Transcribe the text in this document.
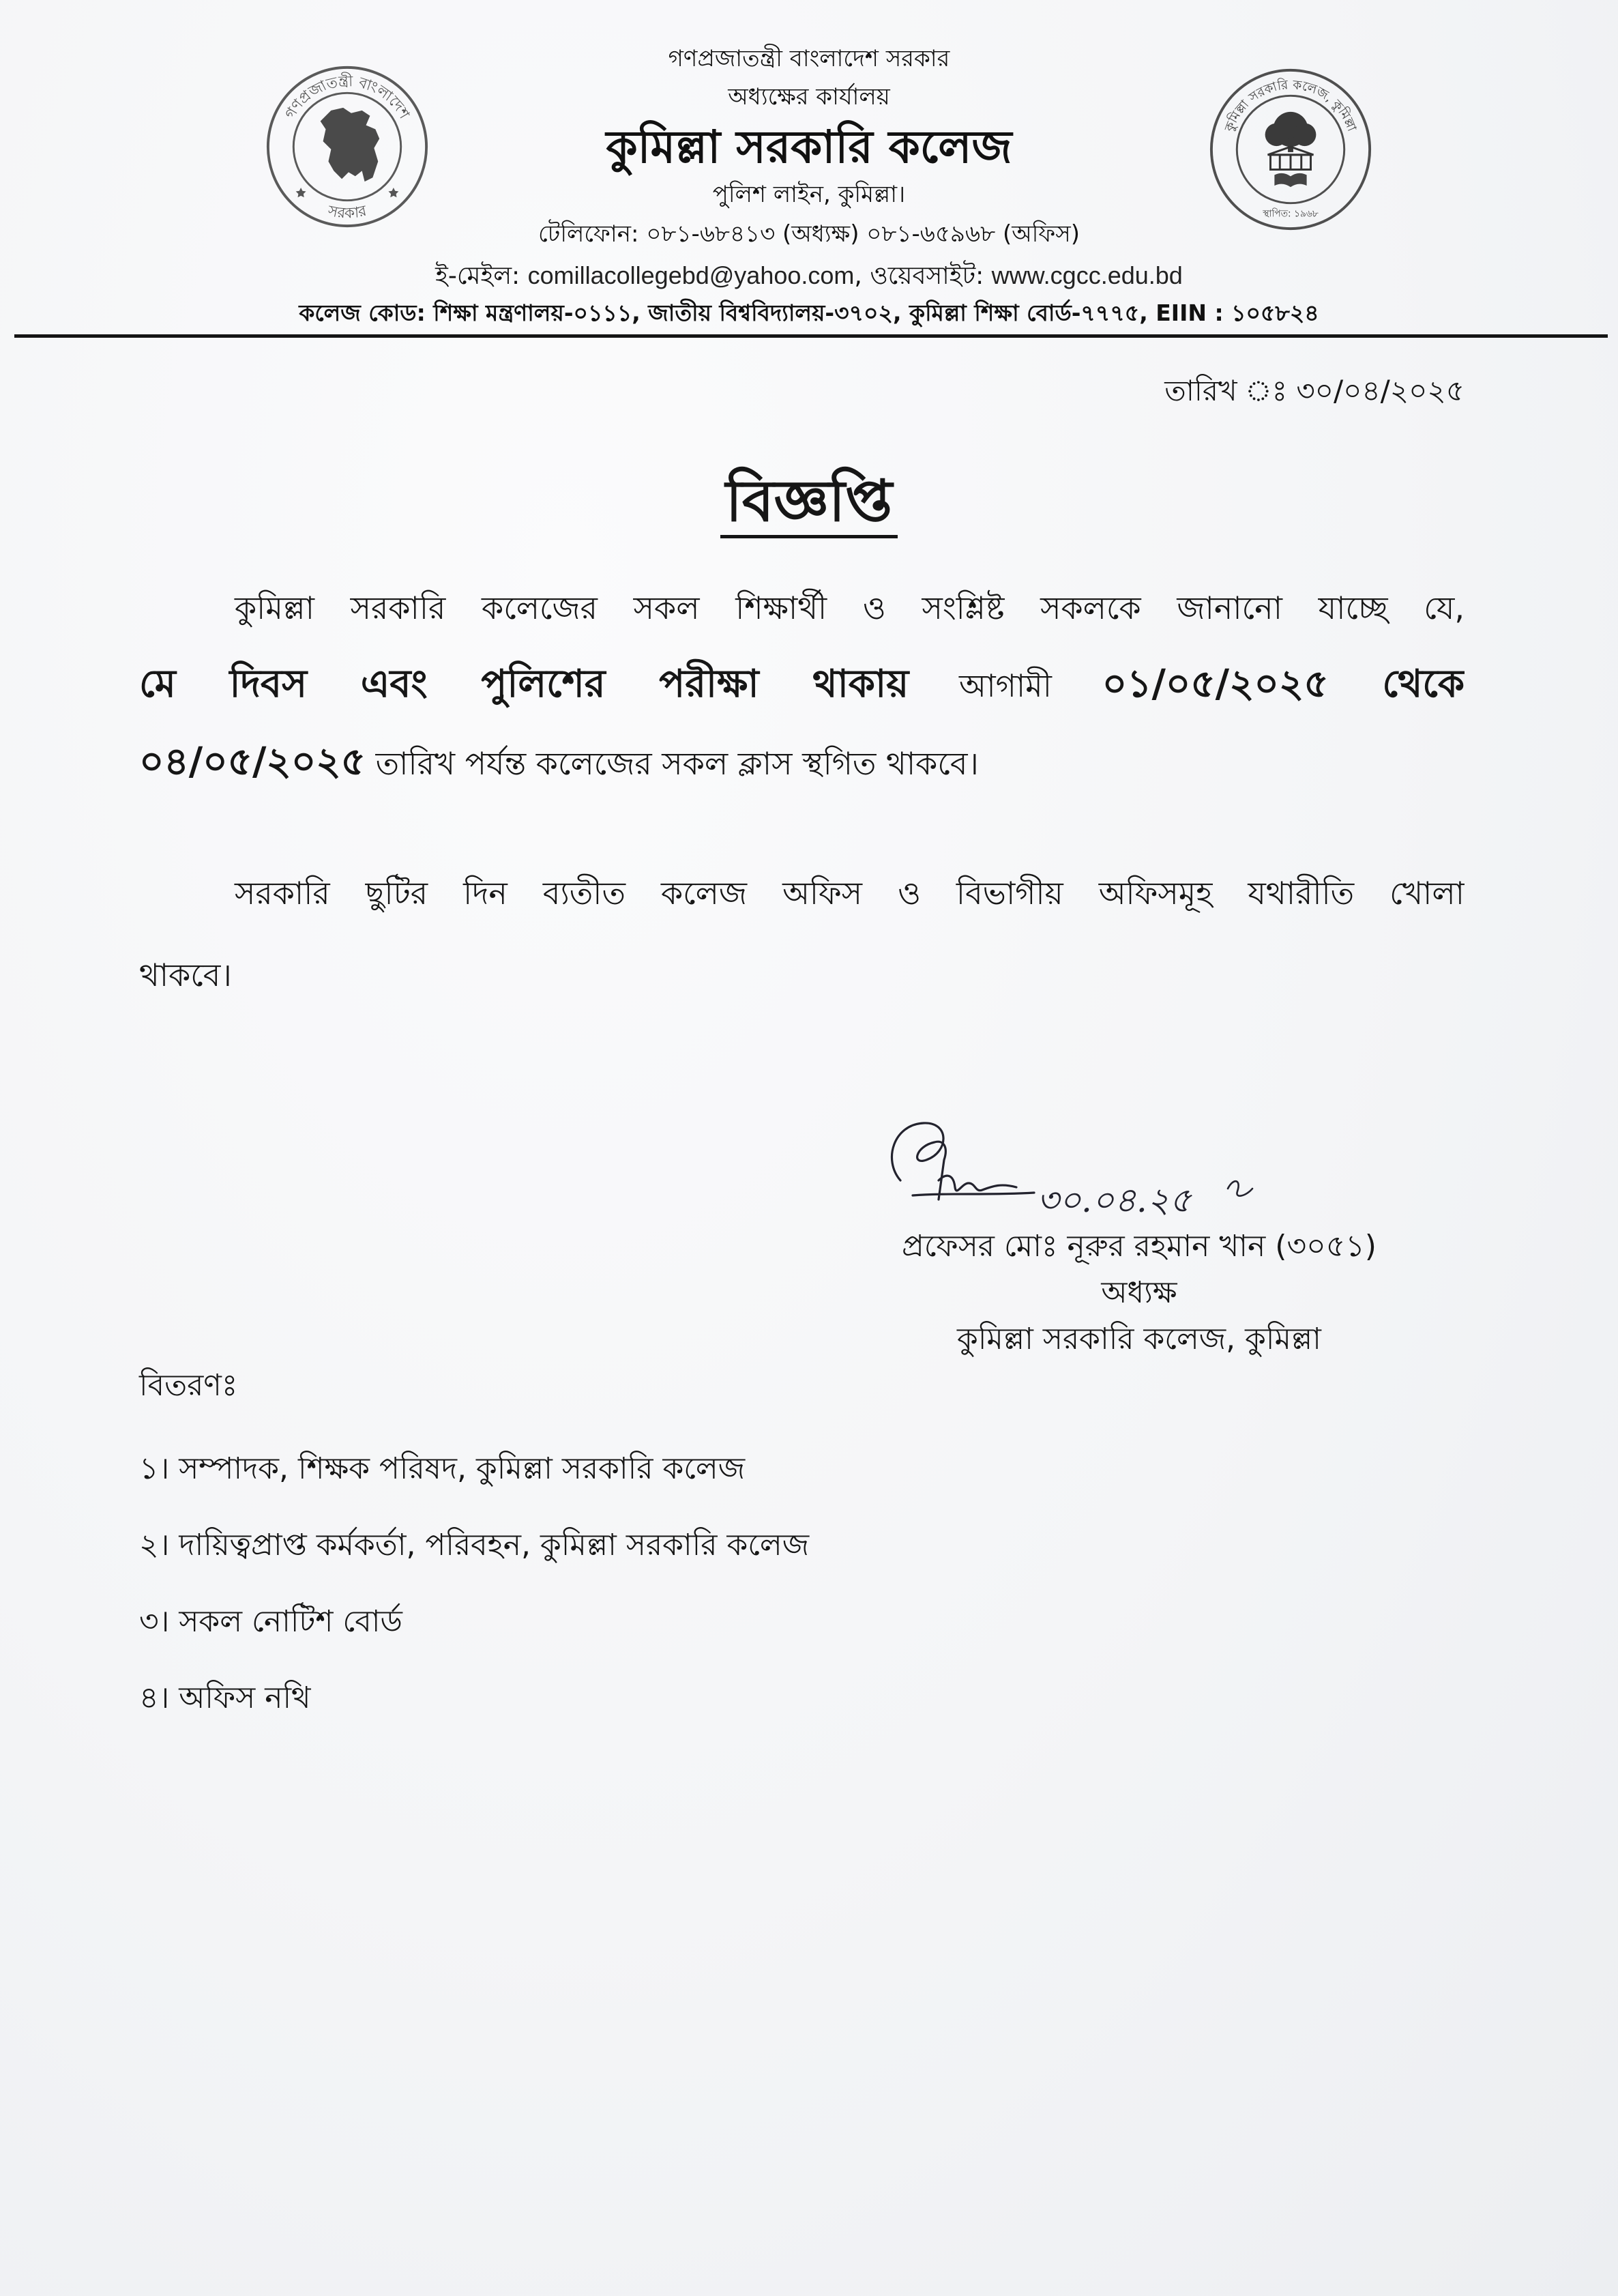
গণপ্রজাতন্ত্রী বাংলাদেশ
সরকার
কুমিল্লা সরকারি কলেজ, কুমিল্লা
স্থাপিত: ১৯৬৮
গণপ্রজাতন্ত্রী বাংলাদেশ সরকার
অধ্যক্ষের কার্যালয়
কুমিল্লা সরকারি কলেজ
পুলিশ লাইন, কুমিল্লা।
টেলিফোন: ০৮১-৬৮৪১৩ (অধ্যক্ষ) ০৮১-৬৫৯৬৮ (অফিস)
ই-মেইল: comillacollegebd@yahoo.com, ওয়েবসাইট: www.cgcc.edu.bd
কলেজ কোড: শিক্ষা মন্ত্রণালয়-০১১১, জাতীয় বিশ্ববিদ্যালয়-৩৭০২, কুমিল্লা শিক্ষা বোর্ড-৭৭৭৫, EIIN : ১০৫৮২৪
তারিখ ঃ ৩০/০৪/২০২৫
বিজ্ঞপ্তি
কুমিল্লা সরকারি কলেজের সকল শিক্ষার্থী ও সংশ্লিষ্ট সকলকে জানানো যাচ্ছে যে,
মে দিবস এবং পুলিশের পরীক্ষা থাকায় আগামী ০১/০৫/২০২৫ থেকে
০৪/০৫/২০২৫ তারিখ পর্যন্ত কলেজের সকল ক্লাস স্থগিত থাকবে।
সরকারি ছুটির দিন ব্যতীত কলেজ অফিস ও বিভাগীয় অফিসমূহ যথারীতি খোলা
থাকবে।
৩০.০৪.২৫
প্রফেসর মোঃ নূরুর রহমান খান (৩০৫১)
অধ্যক্ষ
কুমিল্লা সরকারি কলেজ, কুমিল্লা
বিতরণঃ
১। সম্পাদক, শিক্ষক পরিষদ, কুমিল্লা সরকারি কলেজ
২। দায়িত্বপ্রাপ্ত কর্মকর্তা, পরিবহন, কুমিল্লা সরকারি কলেজ
৩। সকল নোটিশ বোর্ড
৪। অফিস নথি
